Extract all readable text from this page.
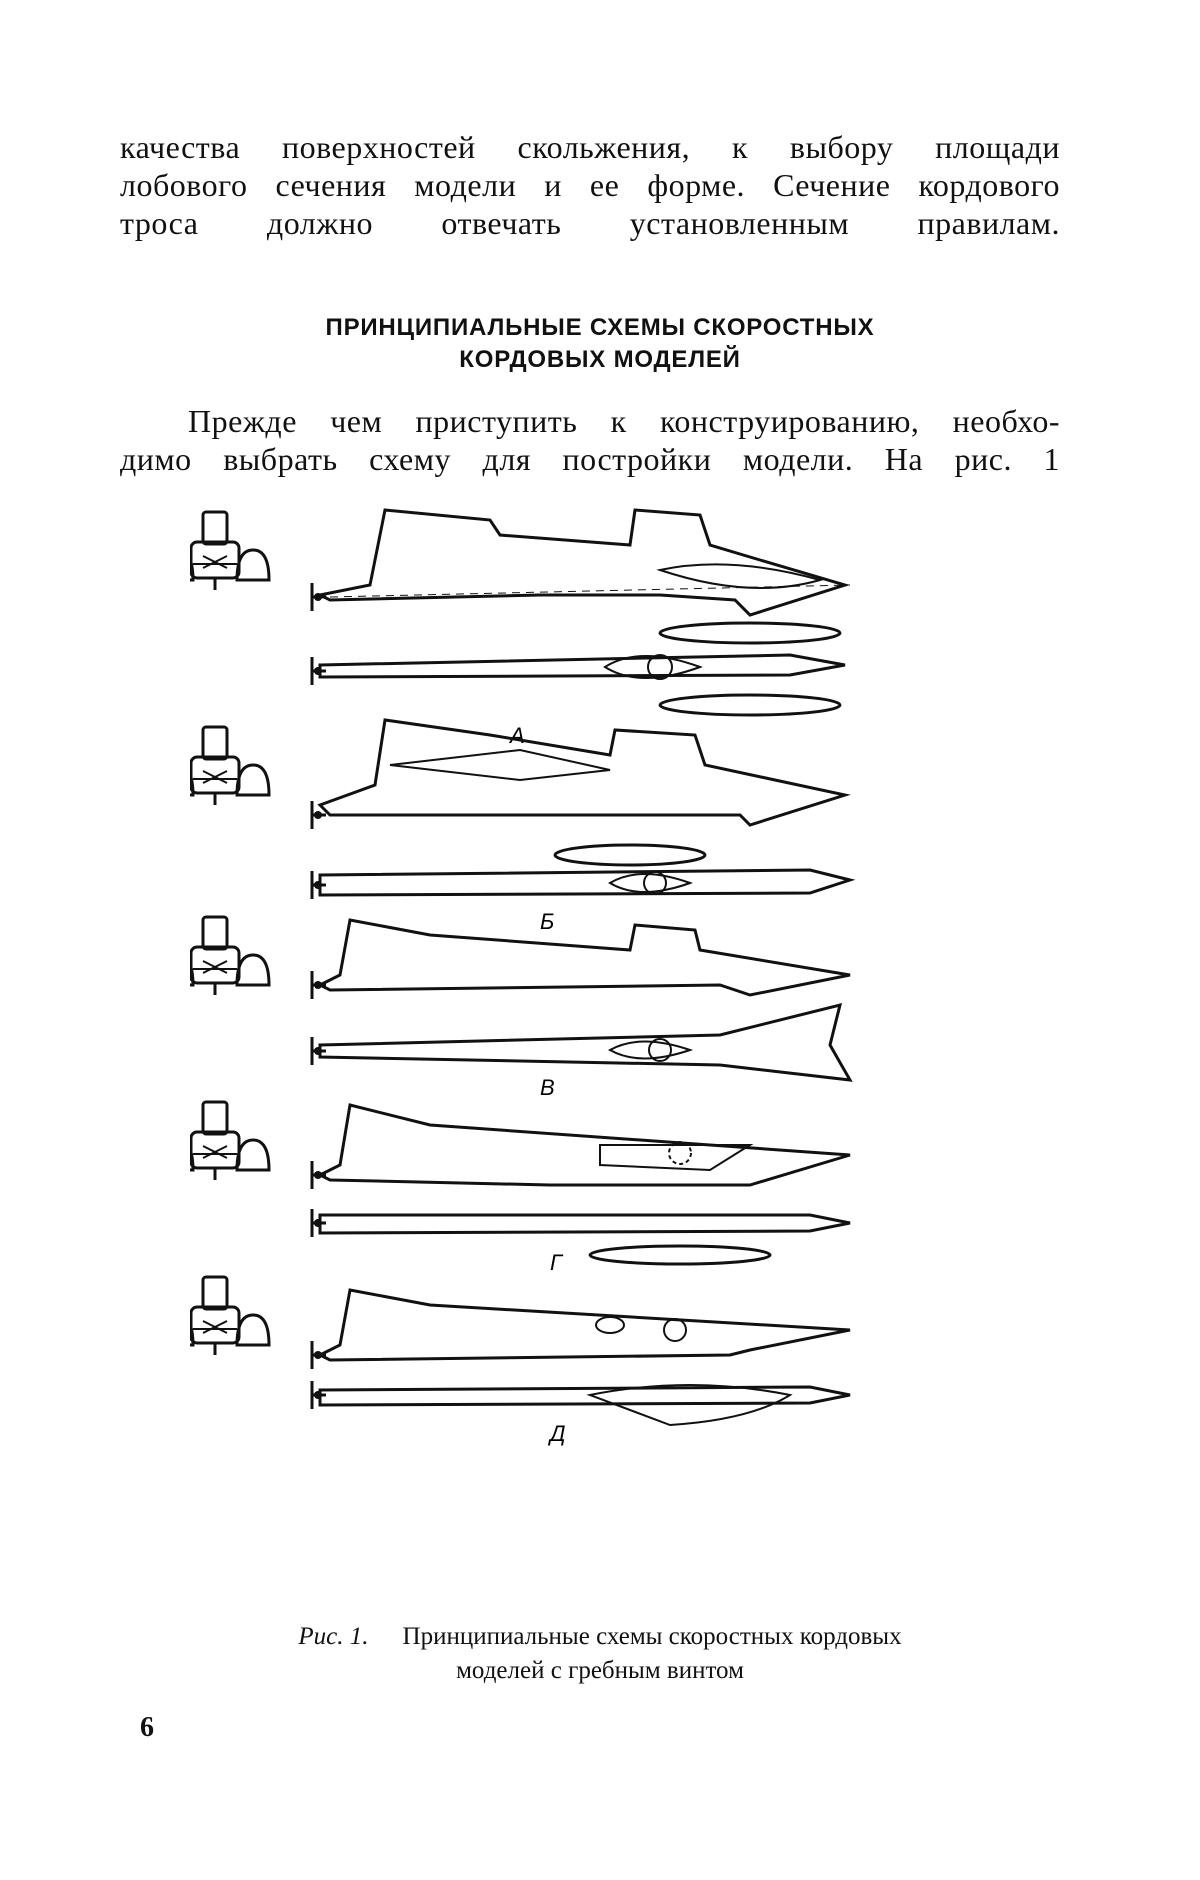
качества поверхностей скольжения, к выбору площади
лобового сечения модели и ее форме. Сечение кордового
троса должно отвечать установленным правилам.
ПРИНЦИПИАЛЬНЫЕ СХЕМЫ СКОРОСТНЫХ
КОРДОВЫХ МОДЕЛЕЙ
Прежде чем приступить к конструированию, необхо-
димо выбрать схему для постройки модели. На рис. 1
А
Б
В
Г
Д
Рис. 1. Принципиальные схемы скоростных кордовых
моделей с гребным винтом
6
